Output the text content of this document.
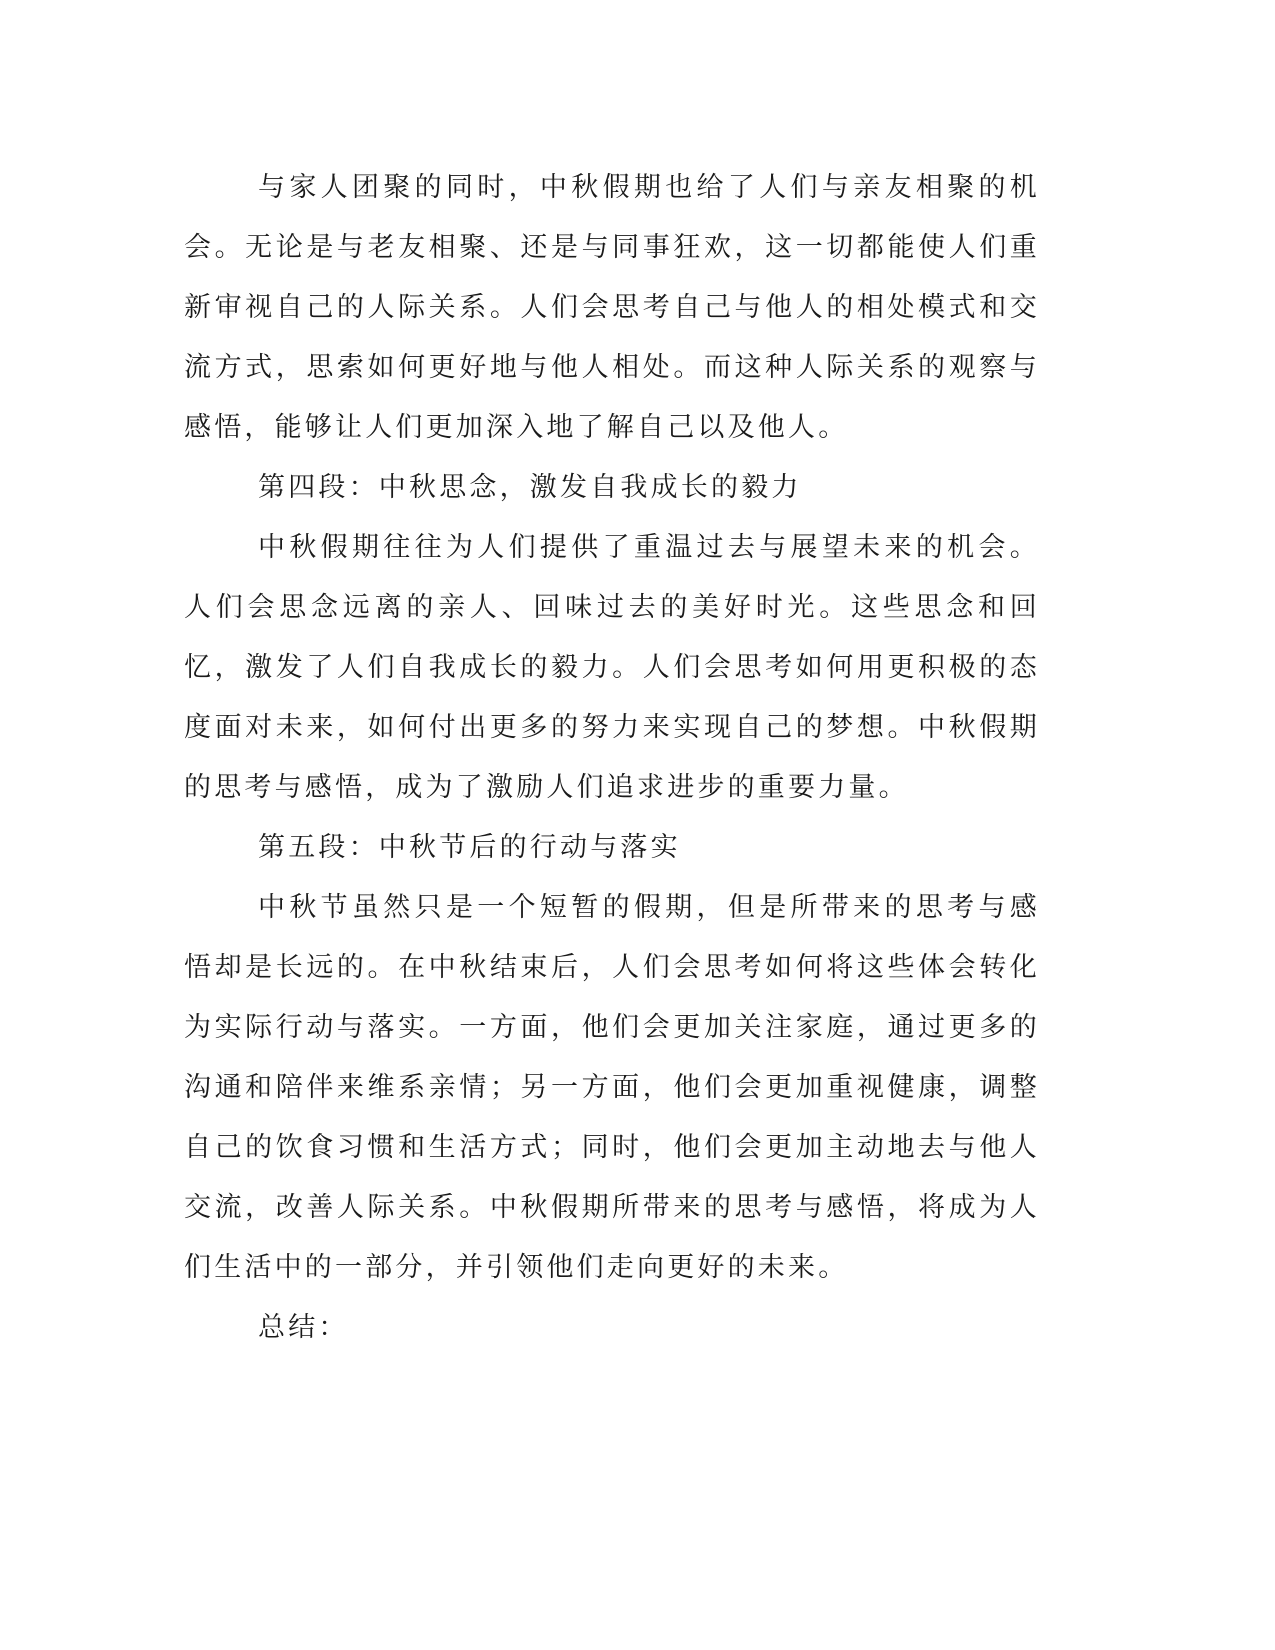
与家人团聚的同时，中秋假期也给了人们与亲友相聚的机会。无论是与老友相聚、还是与同事狂欢，这一切都能使人们重新审视自己的人际关系。人们会思考自己与他人的相处模式和交流方式，思索如何更好地与他人相处。而这种人际关系的观察与感悟，能够让人们更加深入地了解自己以及他人。

第四段：中秋思念，激发自我成长的毅力

中秋假期往往为人们提供了重温过去与展望未来的机会。人们会思念远离的亲人、回味过去的美好时光。这些思念和回忆，激发了人们自我成长的毅力。人们会思考如何用更积极的态度面对未来，如何付出更多的努力来实现自己的梦想。中秋假期的思考与感悟，成为了激励人们追求进步的重要力量。

第五段：中秋节后的行动与落实

中秋节虽然只是一个短暂的假期，但是所带来的思考与感悟却是长远的。在中秋结束后，人们会思考如何将这些体会转化为实际行动与落实。一方面，他们会更加关注家庭，通过更多的沟通和陪伴来维系亲情；另一方面，他们会更加重视健康，调整自己的饮食习惯和生活方式；同时，他们会更加主动地去与他人交流，改善人际关系。中秋假期所带来的思考与感悟，将成为人们生活中的一部分，并引领他们走向更好的未来。

总结：
